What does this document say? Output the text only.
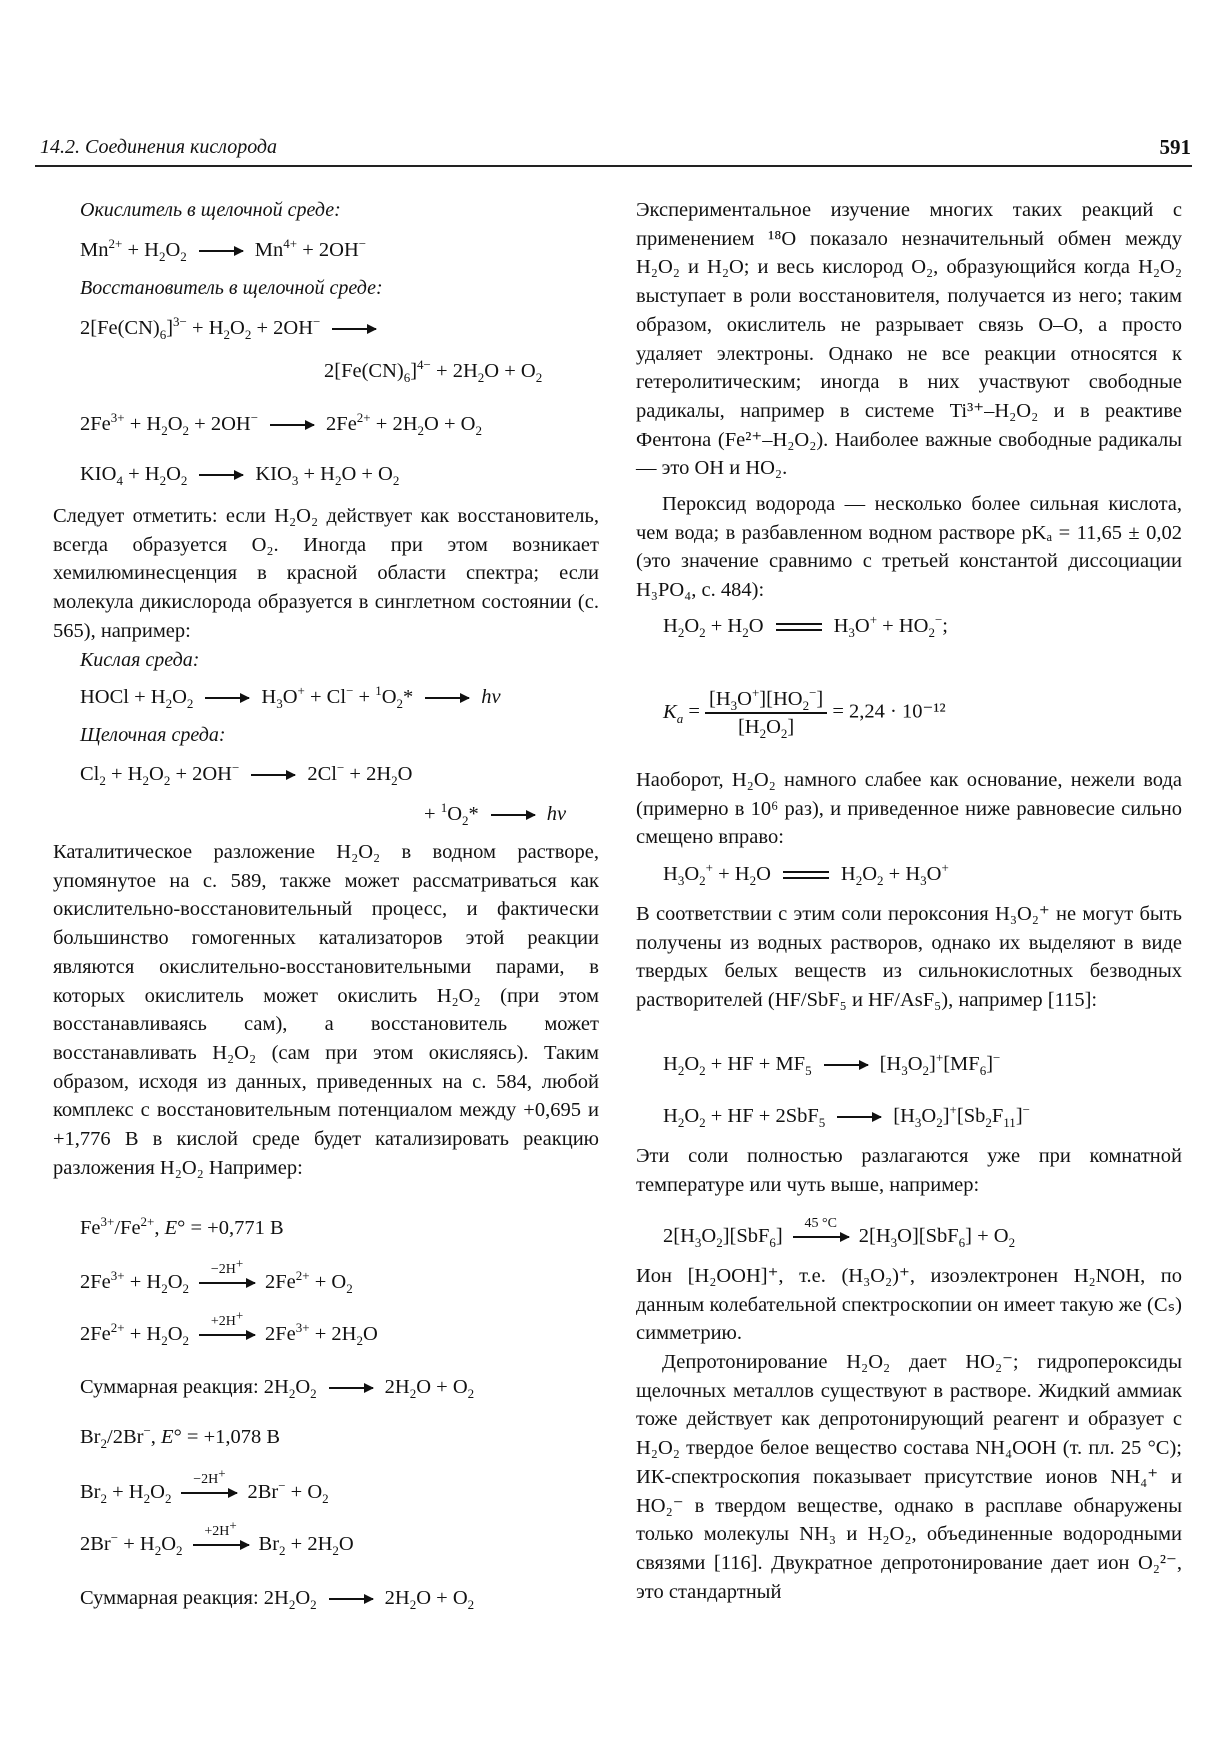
14.2. Соединения кислорода	591
Окислитель в щелочной среде:
$Mn^{2+} + H_2O_2$	$Mn^{4+} + 2OH^-$
Восстановитель в щелочной среде:
$2[Fe(CN)_6]^{3-} + H_2O_2 + 2OH^-$
$2[Fe(CN)_6]^{4-} + 2H_2O + O_2$
$2Fe^{3+} + H_2O_2 + 2OH^-$	$2Fe^{2+} + 2H_2O + O_2$
$KIO_4 + H_2O_2$	$KIO_3 + H_2O + O_2$
Следует отметить: если H₂O₂ действует как восстановитель, всегда образуется O₂. Иногда при этом возникает хемилюминесценция в красной области спектра; если молекула дикислорода образуется в синглетном состоянии (с. 565), например:
Кислая среда:
HOCl + $H_2O_2$	$H_3O^+ + Cl^- + ^1O_2*$	hν
Щелочная среда:
$Cl_2 + H_2O_2 + 2OH^-$	$2Cl^- + 2H_2O$
+ $^1O_2*$	hν
Каталитическое разложение H₂O₂ в водном растворе, упомянутое на с. 589, также может рассматриваться как окислительно-восстановительный процесс, и фактически большинство гомогенных катализаторов этой реакции являются окислительно-восстановительными парами, в которых окислитель может окислить H₂O₂ (при этом восстанавливаясь сам), а восстановитель может восстанавливать H₂O₂ (сам при этом окисляясь). Таким образом, исходя из данных, приведенных на с. 584, любой комплекс с восстановительным потенциалом между +0,695 и +1,776 В в кислой среде будет катализировать реакцию разложения H₂O₂ Например:
$Fe^{3+}/Fe^{2+}$, E° = +0,771 В
$2Fe^{3+} + H_2O_2$
−2H+
$2Fe^{2+} + O_2$
$2Fe^{2+} + H_2O_2$
+2H+
$2Fe^{3+} + 2H_2O$
Суммарная реакция: $2H_2O_2$	$2H_2O + O_2$
$Br_2/2Br^-$, E° = +1,078 В
$Br_2 + H_2O_2$
−2H+
$2Br^- + O_2$
$2Br^- + H_2O_2$
+2H+
$Br_2 + 2H_2O$
Суммарная реакция: $2H_2O_2$	$2H_2O + O_2$
Экспериментальное изучение многих таких реакций с применением ¹⁸O показало незначительный обмен между H₂O₂ и H₂O; и весь кислород O₂, образующийся когда H₂O₂ выступает в роли восстановителя, получается из него; таким образом, окислитель не разрывает связь O–O, а просто удаляет электроны. Однако не все реакции относятся к гетеролитическим; иногда в них участвуют свободные радикалы, например в системе Ti³⁺–H₂O₂ и в реактиве Фентона (Fe²⁺–H₂O₂). Наиболее важные свободные радикалы — это OH и HO₂.
Пероксид водорода — несколько более сильная кислота, чем вода; в разбавленном водном растворе pKₐ = 11,65 ± 0,02 (это значение сравнимо с третьей константой диссоциации H₃PO₄, с. 484):
$H_2O_2 + H_2O$	$H_3O^+ + HO_2^-$;
$K_a = \frac{[H_3O^+][HO_2^-]}{[H_2O_2]} = 2,24 \cdot 10^{-12}$
Наоборот, H₂O₂ намного слабее как основание, нежели вода (примерно в 10⁶ раз), и приведенное ниже равновесие сильно смещено вправо:
$H_3O_2^+ + H_2O$	$H_2O_2 + H_3O^+$
В соответствии с этим соли пероксония H₃O₂⁺ не могут быть получены из водных растворов, однако их выделяют в виде твердых белых веществ из сильнокислотных безводных растворителей (HF/SbF₅ и HF/AsF₅), например [115]:
$H_2O_2$ + HF + $MF_5$	$[H_3O_2]^+[MF_6]^-$
$H_2O_2$ + HF + 2SbF$_5$	$[H_3O_2]^+[Sb_2F_{11}]^-$
Эти соли полностью разлагаются уже при комнатной температуре или чуть выше, например:
$2[H_3O_2][SbF_6]$
45 °C
$2[H_3O][SbF_6] + O_2$
Ион [H₂OOH]⁺, т.е. (H₃O₂)⁺, изоэлектронен H₂NOH, по данным колебательной спектроскопии он имеет такую же (Cₛ) симметрию.
Депротонирование H₂O₂ дает HO₂⁻; гидропероксиды щелочных металлов существуют в растворе. Жидкий аммиак тоже действует как депротонирующий реагент и образует с H₂O₂ твердое белое вещество состава NH₄OOH (т. пл. 25 °C); ИК-спектроскопия показывает присутствие ионов NH₄⁺ и HO₂⁻ в твердом веществе, однако в расплаве обнаружены только молекулы NH₃ и H₂O₂, объединенные водородными связями [116]. Двукратное депротонирование дает ион O₂²⁻, это стандартный
